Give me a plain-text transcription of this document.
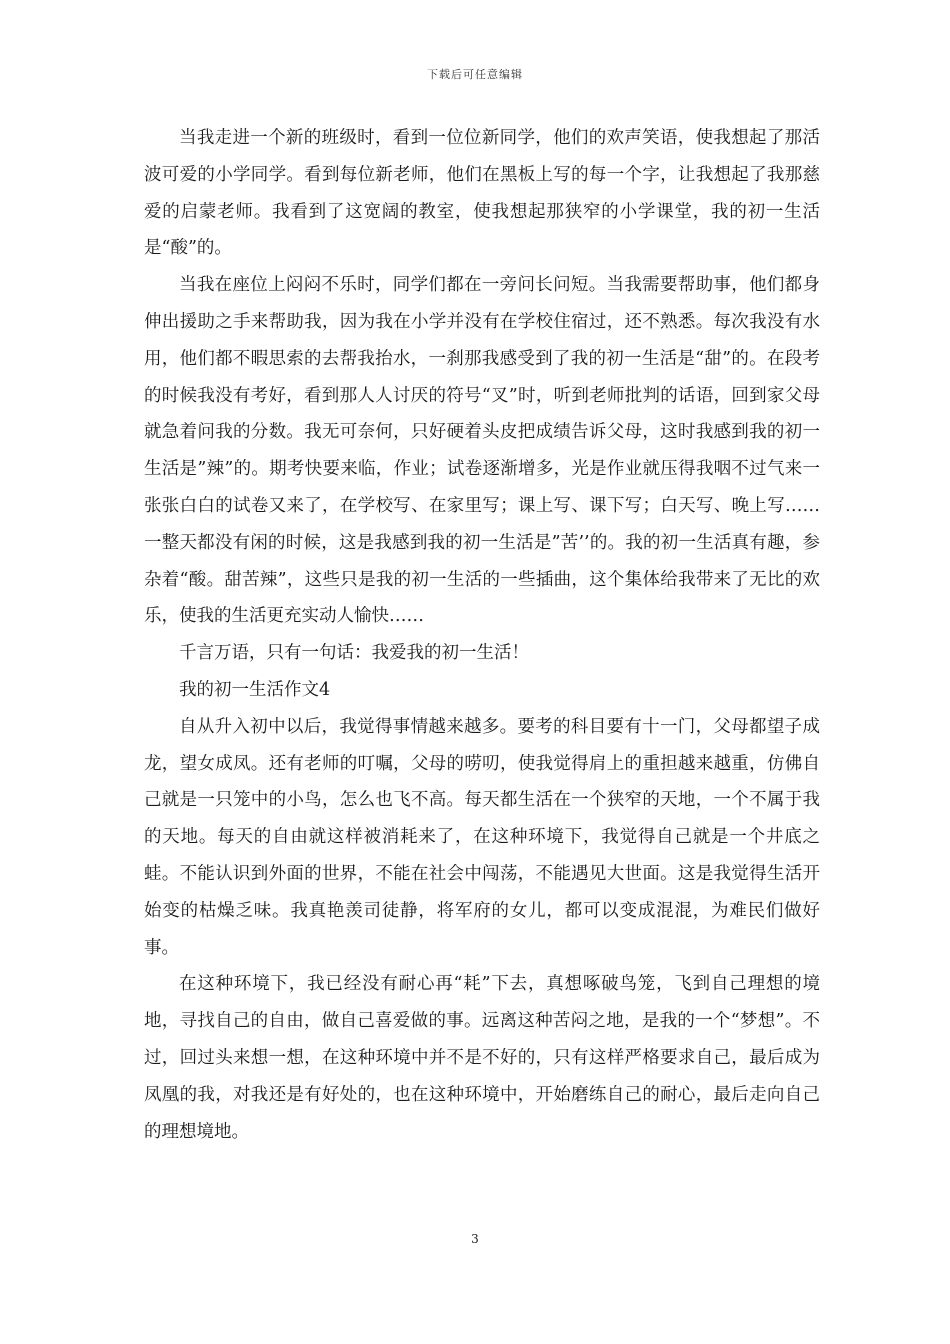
下载后可任意编辑

当我走进一个新的班级时，看到一位位新同学，他们的欢声笑语，使我想起了那活波可爱的小学同学。看到每位新老师，他们在黑板上写的每一个字，让我想起了我那慈爱的启蒙老师。我看到了这宽阔的教室，使我想起那狭窄的小学课堂，我的初一生活是“酸”的。

当我在座位上闷闷不乐时，同学们都在一旁问长问短。当我需要帮助事，他们都身伸出援助之手来帮助我，因为我在小学并没有在学校住宿过，还不熟悉。每次我没有水用，他们都不暇思索的去帮我抬水，一刹那我感受到了我的初一生活是“甜”的。在段考的时候我没有考好，看到那人人讨厌的符号“叉”时，听到老师批判的话语，回到家父母就急着问我的分数。我无可奈何，只好硬着头皮把成绩告诉父母，这时我感到我的初一生活是”辣”的。期考快要来临，作业；试卷逐渐增多，光是作业就压得我咽不过气来一张张白白的试卷又来了，在学校写、在家里写；课上写、课下写；白天写、晚上写……一整天都没有闲的时候，这是我感到我的初一生活是”苦’’的。我的初一生活真有趣，参杂着“酸。甜苦辣”，这些只是我的初一生活的一些插曲，这个集体给我带来了无比的欢乐，使我的生活更充实动人愉快……

千言万语，只有一句话：我爱我的初一生活！

我的初一生活作文4

自从升入初中以后，我觉得事情越来越多。要考的科目要有十一门，父母都望子成龙，望女成凤。还有老师的叮嘱，父母的唠叨，使我觉得肩上的重担越来越重，仿佛自己就是一只笼中的小鸟，怎么也飞不高。每天都生活在一个狭窄的天地，一个不属于我的天地。每天的自由就这样被消耗来了，在这种环境下，我觉得自己就是一个井底之蛙。不能认识到外面的世界，不能在社会中闯荡，不能遇见大世面。这是我觉得生活开始变的枯燥乏味。我真艳羡司徒静，将军府的女儿，都可以变成混混，为难民们做好事。

在这种环境下，我已经没有耐心再“耗”下去，真想啄破鸟笼，飞到自己理想的境地，寻找自己的自由，做自己喜爱做的事。远离这种苦闷之地，是我的一个“梦想”。不过，回过头来想一想，在这种环境中并不是不好的，只有这样严格要求自己，最后成为凤凰的我，对我还是有好处的，也在这种环境中，开始磨练自己的耐心，最后走向自己的理想境地。

3
